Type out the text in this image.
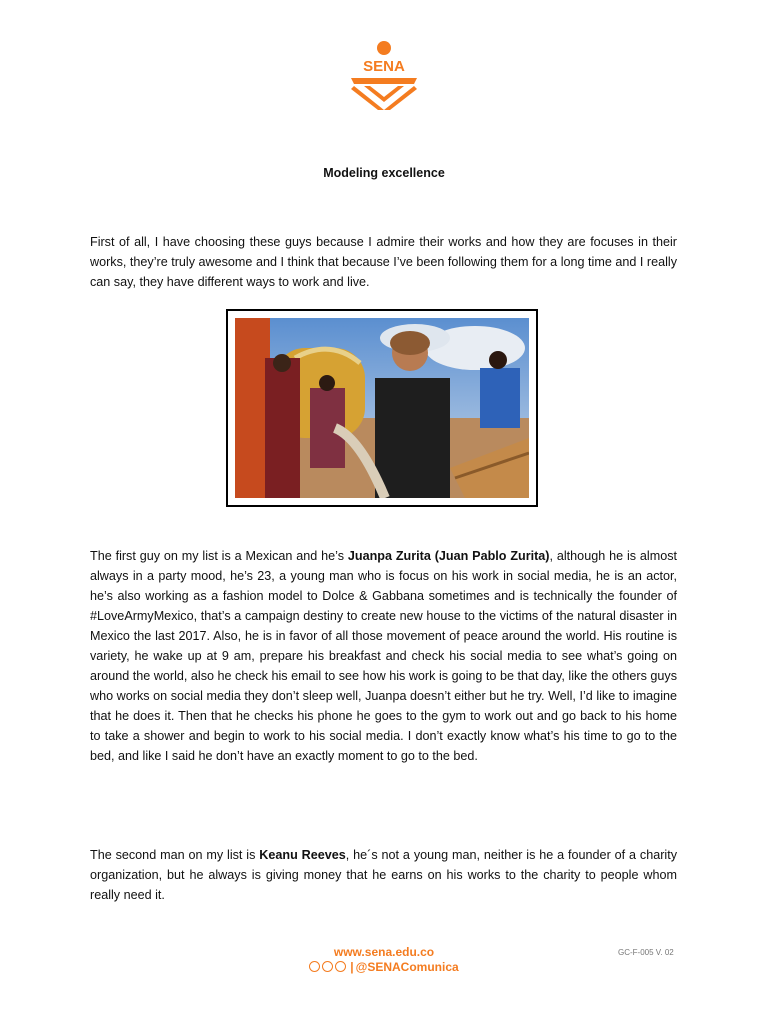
SENA
Modeling excellence

First of all, I have choosing these guys because I admire their works and how they are focuses in their works, they’re truly awesome and I think that because I’ve been following them for a long time and I really can say, they have different ways to work and live.

The first guy on my list is a Mexican and he’s Juanpa Zurita (Juan Pablo Zurita), although he is almost always in a party mood, he’s 23, a young man who is focus on his work in social media, he is an actor, he’s also working as a fashion model to Dolce & Gabbana sometimes and is technically the founder of #LoveArmyMexico, that’s a campaign destiny to create new house to the victims of the natural disaster in Mexico the last 2017. Also, he is in favor of all those movement of peace around the world. His routine is variety, he wake up at 9 am, prepare his breakfast and check his social media to see what’s going on around the world, also he check his email to see how his work is going to be that day, like the others guys who works on social media they don’t sleep well, Juanpa doesn’t either but he try. Well, I’d like to imagine that he does it. Then that he checks his phone he goes to the gym to work out and go back to his home to take a shower and begin to work to his social media. I don’t exactly know what’s his time to go to the bed, and like I said he don’t have an exactly moment to go to the bed.

The second man on my list is Keanu Reeves, he´s not a young man, neither is he a founder of a charity organization, but he always is giving money that he earns on his works to the charity to people whom really need it.

www.sena.edu.co
| @SENAComunica
GC-F-005 V. 02
